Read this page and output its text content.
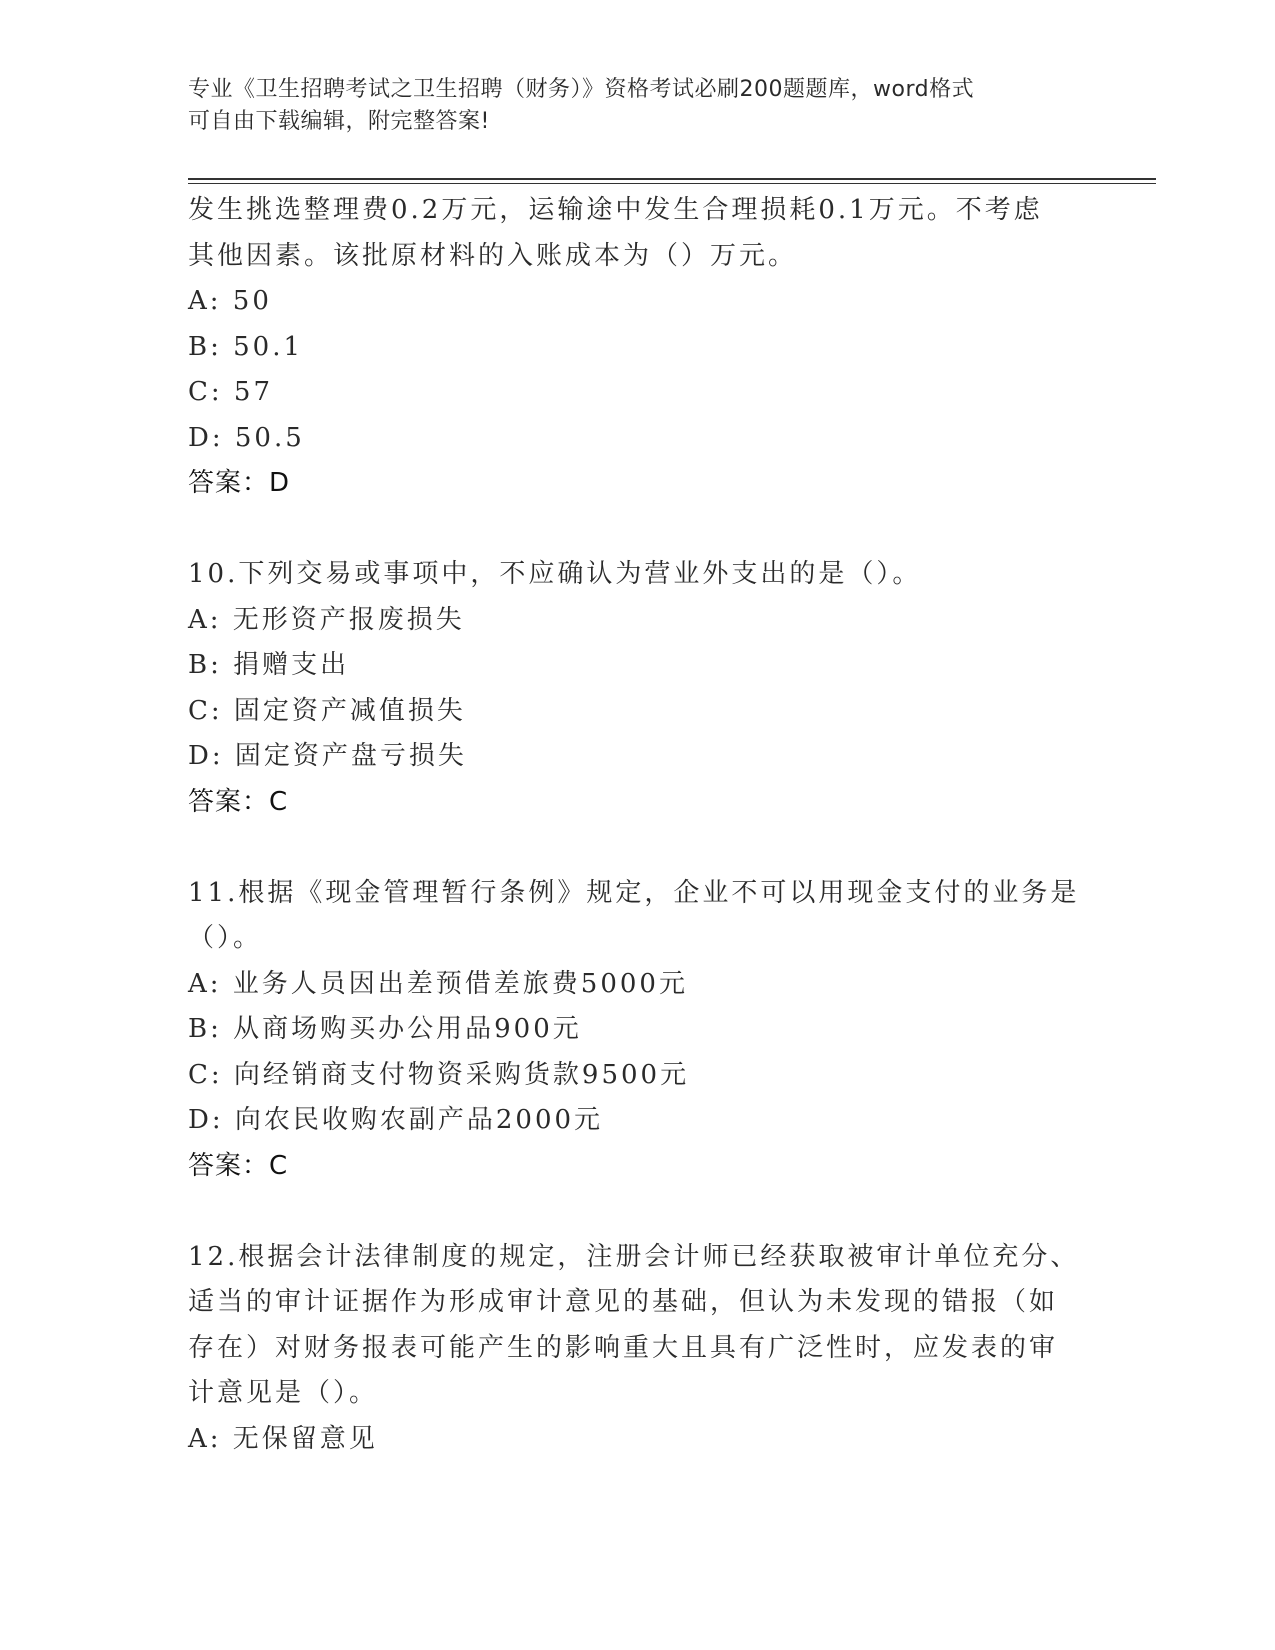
专业《卫生招聘考试之卫生招聘（财务）》资格考试必刷200题题库，word格式
可自由下载编辑，附完整答案!
发生挑选整理费0.2万元，运输途中发生合理损耗0.1万元。不考虑
其他因素。该批原材料的入账成本为（）万元。
A: 50
B: 50.1
C: 57
D: 50.5
答案：D
10.下列交易或事项中，不应确认为营业外支出的是（）。
A: 无形资产报废损失
B: 捐赠支出
C: 固定资产减值损失
D: 固定资产盘亏损失
答案：C
11.根据《现金管理暂行条例》规定，企业不可以用现金支付的业务是
（）。
A: 业务人员因出差预借差旅费5000元
B: 从商场购买办公用品900元
C: 向经销商支付物资采购货款9500元
D: 向农民收购农副产品2000元
答案：C
12.根据会计法律制度的规定，注册会计师已经获取被审计单位充分、
适当的审计证据作为形成审计意见的基础，但认为未发现的错报（如
存在）对财务报表可能产生的影响重大且具有广泛性时，应发表的审
计意见是（）。
A: 无保留意见
